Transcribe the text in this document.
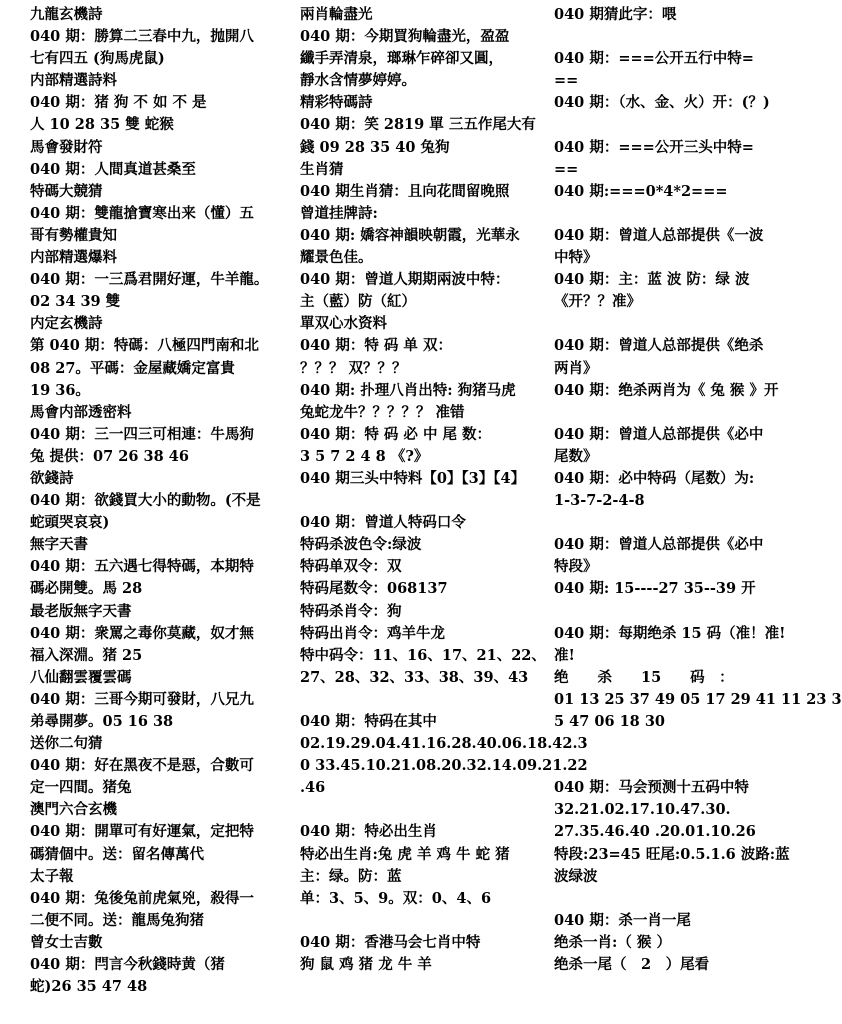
九龍玄機詩
040 期：勝算二三春中九，抛開八
七有四五 (狗馬虎鼠)
内部精選詩料
040 期：猪 狗 不 如 不 是
人 10 28 35 雙 蛇猴
馬會發財符
040 期：人間真道甚桑至
特碼大競猜
040 期：雙龍搶寶寒出来（懂）五
哥有勢權貴知
内部精選爆料
040 期：一三爲君開好運，牛羊龍。
02 34 39 雙
内定玄機詩
第 040 期：特碼：八極四門南和北
08 27。平碼：金屋藏嬌定富貴
19 36。
馬會内部透密料
040 期：三一四三可相連：牛馬狗
兔 提供：07 26 38 46
欲錢詩
040 期：欲錢買大小的動物。(不是
蛇頭哭哀哀)
無字天書
040 期：五六遇七得特碼，本期特
碼必開雙。馬 28
最老版無字天書
040 期：衆罵之毒你莫藏，奴才無
福入深淵。猪 25
八仙翻雲覆雲碼
040 期：三哥今期可發財，八兄九
弟尋開夢。05 16 38
送你二句猜
040 期：好在黑夜不是惡，合數可
定一四間。猪兔
澳門六合玄機
040 期：開單可有好運氣，定把特
碼猜個中。送：留名傳萬代
太子報
040 期：兔後兔前虎氣兇，殺得一
二便不同。送：龍馬兔狗猪
曾女士吉數
040 期：閂言今秋錢時黄（猪
蛇)26 35 47 48
兩肖輪盡光
040 期：今期買狗輪盡光，盈盈
纖手弄清泉，瑯琳乍碎卻又圓，
靜水含情夢婷婷。
精彩特碼詩
040 期：笑 2819 單 三五作尾大有
錢 09 28 35 40 兔狗
生肖猜
040 期生肖猜：且向花間留晚照
曾道挂牌詩:
040 期: 嬌容神韻映朝霞，光華永
耀景色佳。
040 期：曾道人期期兩波中特：
主（藍）防（紅）
單双心水资料
040 期：特 码 单 双：
？？？ 双？？？
040 期: 扑理八肖出特: 狗猪马虎
兔蛇龙牛？？？？？ 准错
040 期：特 码 必 中 尾 数：
3 5 7 2 4 8 《?》
040 期三头中特料【0】【3】【4】
040 期：曾道人特码口令
特码杀波色令:绿波
特码单双令：双
特码尾数令：068137
特码杀肖令：狗
特码出肖令：鸡羊牛龙
特中码令：11、16、17、21、22、
27、28、32、33、38、39、43
040 期：特码在其中
02.19.29.04.41.16.28.40.06.18.42.3
0 33.45.10.21.08.20.32.14.09.21.22
.46
040 期：特必出生肖
特必出生肖:兔 虎 羊 鸡 牛 蛇 猪
主：绿。防：蓝
单：3、5、9。双：0、4、6
040 期：香港马会七肖中特
狗 鼠 鸡 猪 龙 牛 羊
040 期猜此字：喂
040 期：===公开五行中特=
==
040 期：（水、金、火）开：(？)
040 期：===公开三头中特=
==
040 期:===0*4*2===
040 期：曾道人总部提供《一波
中特》
040 期：主：蓝 波 防：绿 波
《开？？准》
040 期：曾道人总部提供《绝杀
两肖》
040 期：绝杀两肖为《 兔 猴 》开
040 期：曾道人总部提供《必中
尾数》
040 期：必中特码（尾数）为:
1-3-7-2-4-8
040 期：曾道人总部提供《必中
特段》
040 期: 15----27 35--39 开
040 期：每期绝杀 15 码（准！准!
准!
绝　　杀　　15　　码　：
01 13 25 37 49 05 17 29 41 11 23 3
5 47 06 18 30
040 期：马会预测十五码中特
32.21.02.17.10.47.30.
27.35.46.40 .20.01.10.26
特段:23=45 旺尾:0.5.1.6 波路:蓝
波绿波
040 期：杀一肖一尾
绝杀一肖:（ 猴 ）
绝杀一尾（　2　）尾看
